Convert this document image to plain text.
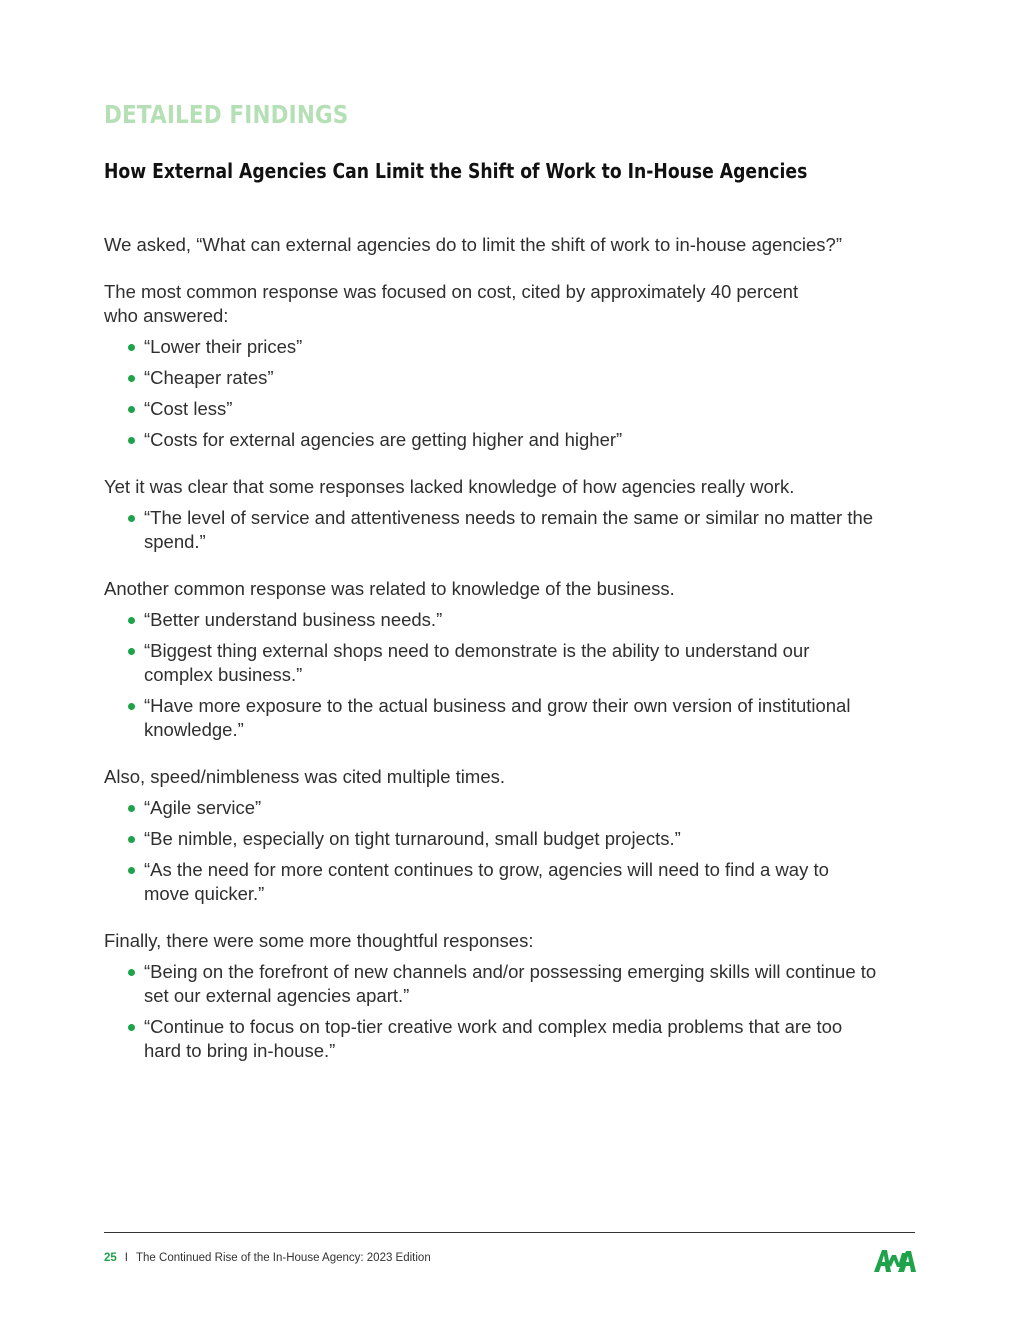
DETAILED FINDINGS
How External Agencies Can Limit the Shift of Work to In-House Agencies

We asked, “What can external agencies do to limit the shift of work to in-house agencies?”

The most common response was focused on cost, cited by approximately 40 percent who answered:

“Lower their prices”
“Cheaper rates”
“Cost less”
“Costs for external agencies are getting higher and higher”

Yet it was clear that some responses lacked knowledge of how agencies really work.

“The level of service and attentiveness needs to remain the same or similar no matter the spend.”

Another common response was related to knowledge of the business.

“Better understand business needs.”
“Biggest thing external shops need to demonstrate is the ability to understand our complex business.”
“Have more exposure to the actual business and grow their own version of institutional knowledge.”

Also, speed/nimbleness was cited multiple times.

“Agile service”
“Be nimble, especially on tight turnaround, small budget projects.”
“As the need for more content continues to grow, agencies will need to find a way to move quicker.”

Finally, there were some more thoughtful responses:

“Being on the forefront of new channels and/or possessing emerging skills will continue to set our external agencies apart.”
“Continue to focus on top-tier creative work and complex media problems that are too hard to bring in-house.”
25 I The Continued Rise of the In-House Agency: 2023 Edition
